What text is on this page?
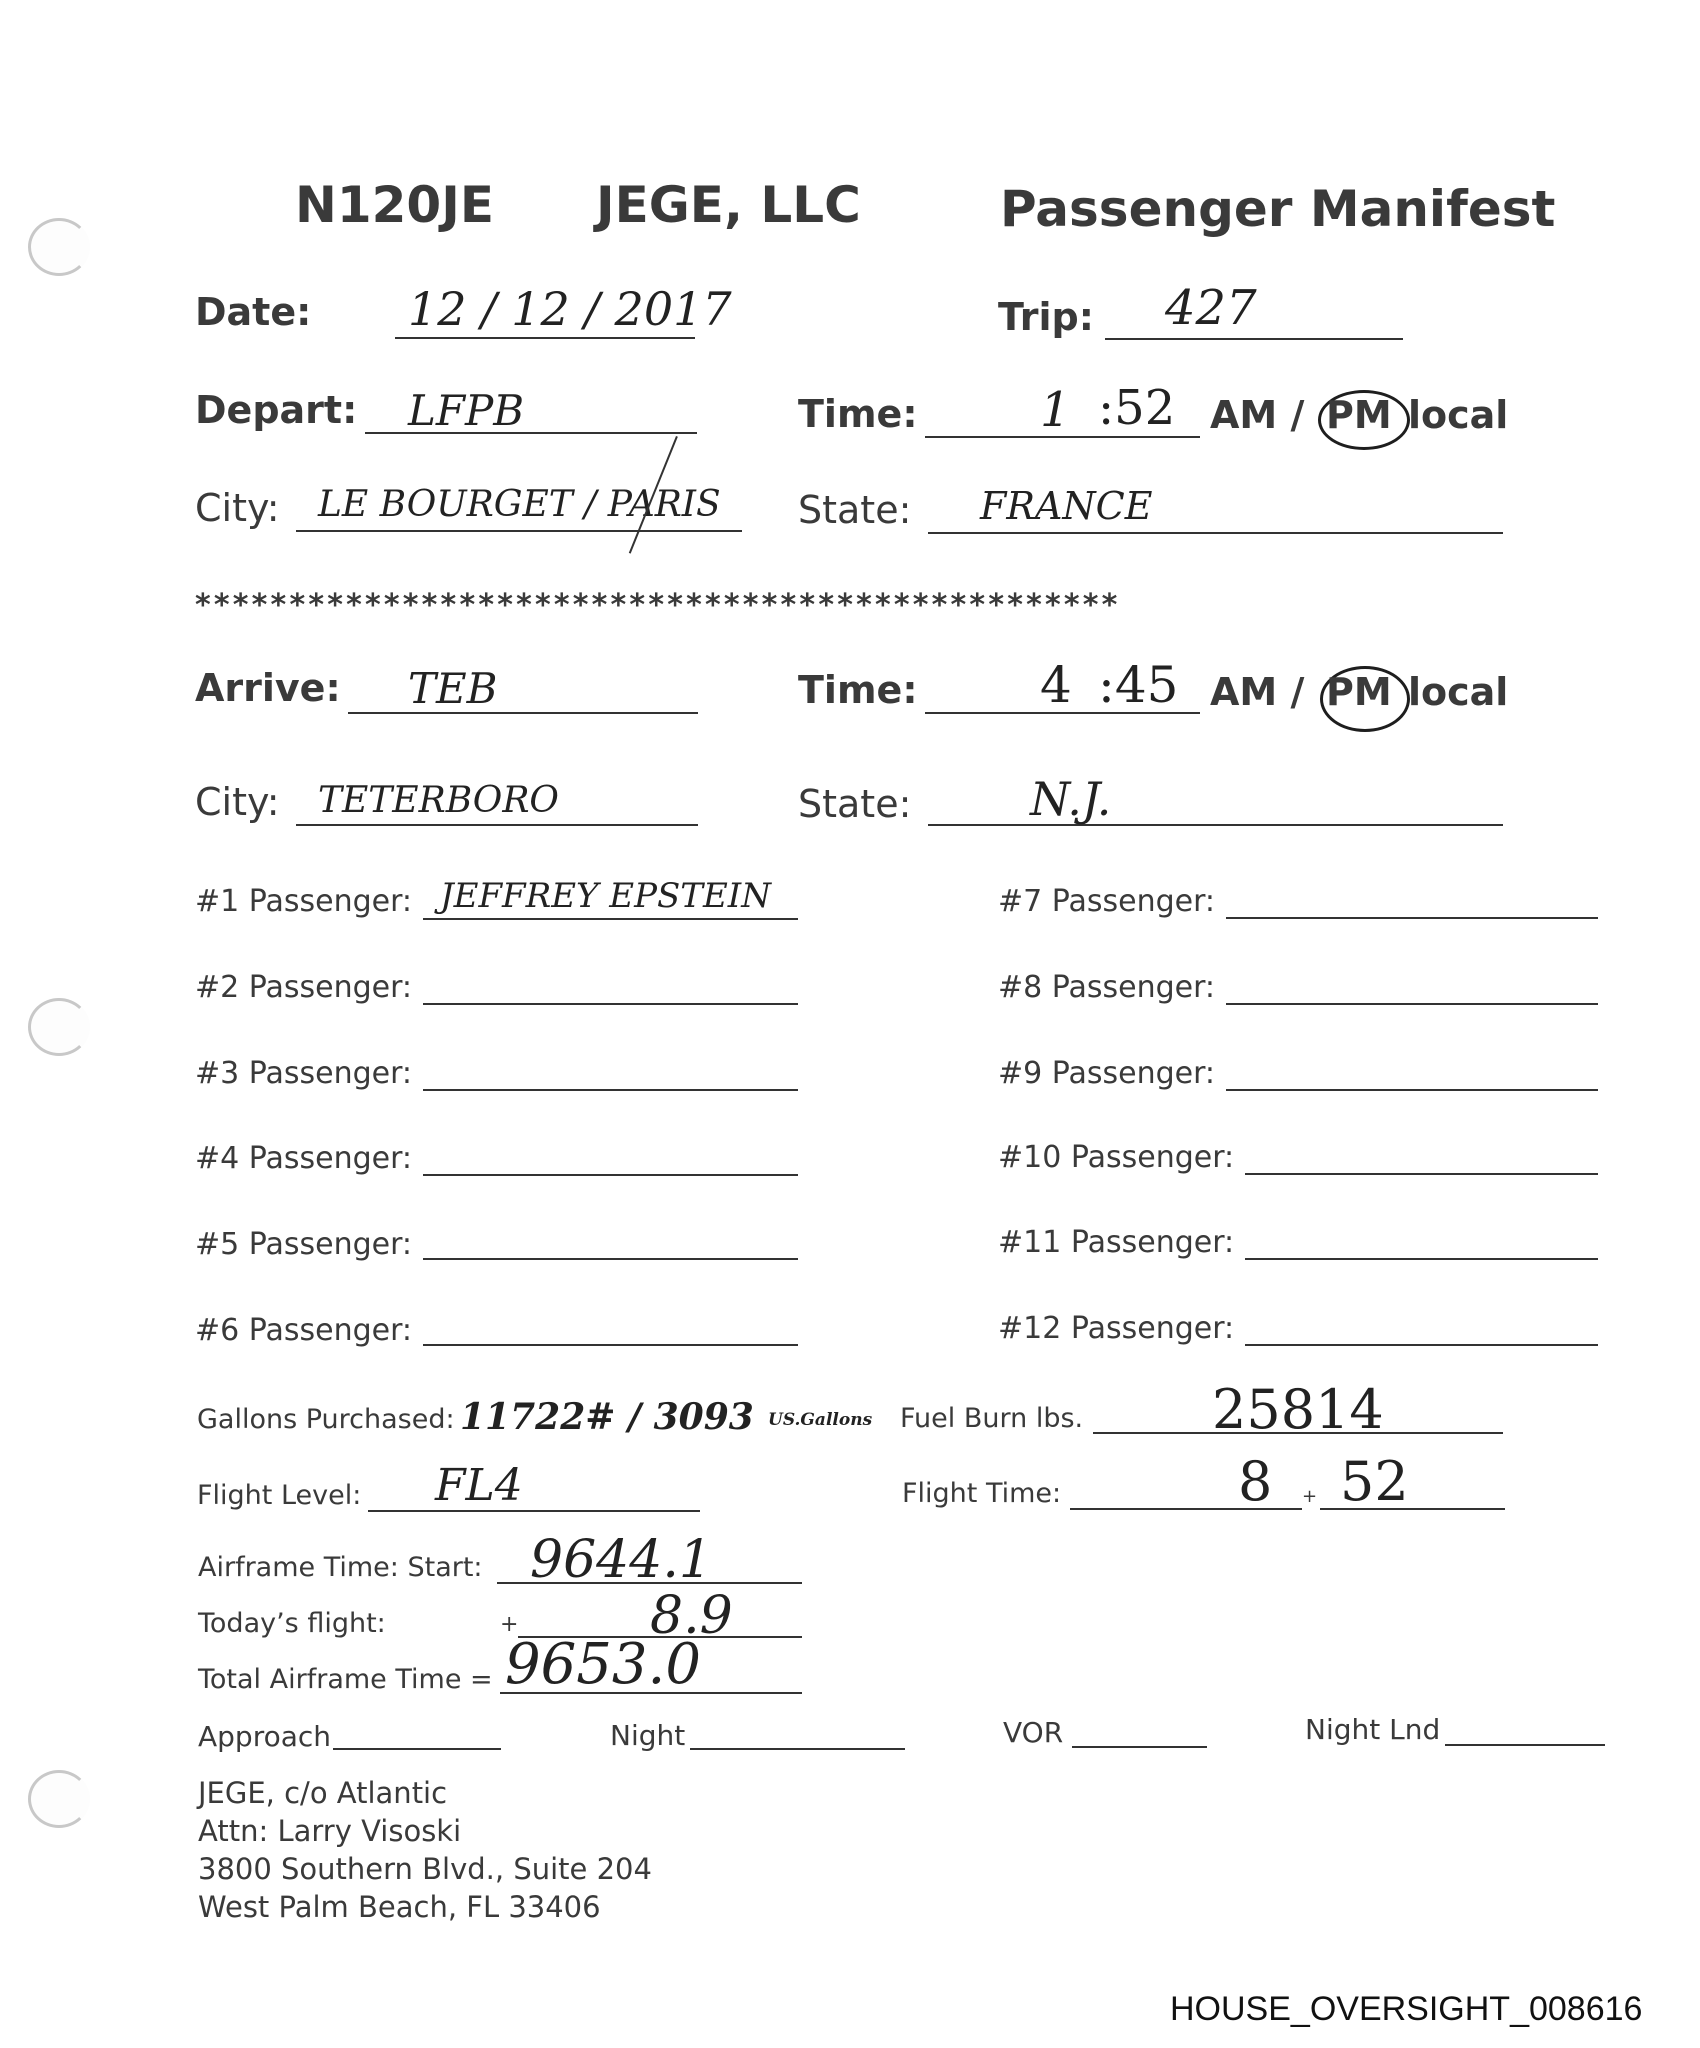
N120JE JEGE, LLC	Passenger Manifest
Date: 12 / 12 / 2017	Trip: 427
Depart: LFPB	Time:	1 :52 AM / PM local
City: LE BOURGET / PARIS State: FRANCE
*************************************************
Arrive: TEB	Time: 4 :45 AM / PM local
City: TETERBORO	State:	N.J.
#1 Passenger: JEFFREY EPSTEIN
#2 Passenger:
#3 Passenger:
#4 Passenger:
#5 Passenger:
#6 Passenger:
#7 Passenger:
#8 Passenger:
#9 Passenger:
#10 Passenger:
#11 Passenger:
#12 Passenger:
Gallons Purchased: 11722# / 3093 US.Gallons Fuel Burn lbs. 25814
Flight Level: FL4	Flight Time:	8 + 52
Airframe Time: Start: 9644.1
Today’s flight:	+	8.9
Total Airframe Time = 9653.0
Approach	Night	VOR	Night Lnd
JEGE, c/o Atlantic
Attn: Larry Visoski
3800 Southern Blvd., Suite 204
West Palm Beach, FL 33406
HOUSE_OVERSIGHT_008616
